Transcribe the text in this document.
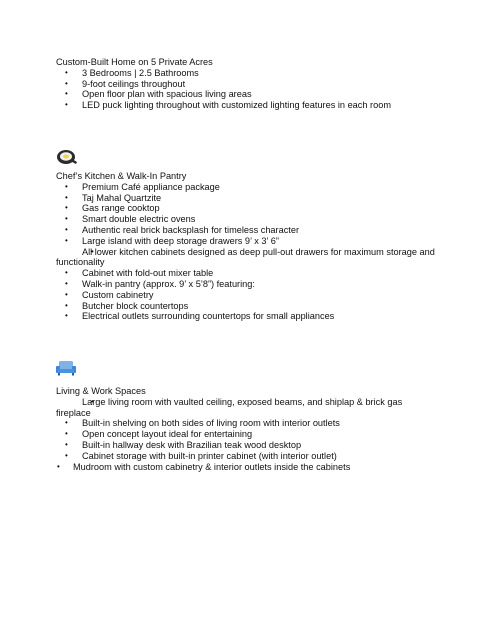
Custom-Built Home on 5 Private Acres
• 3 Bedrooms | 2.5 Bathrooms
• 9-foot ceilings throughout
• Open floor plan with spacious living areas
• LED puck lighting throughout with customized lighting features in each room
Chef’s Kitchen & Walk-In Pantry
• Premium Café appliance package
• Taj Mahal Quartzite
• Gas range cooktop
• Smart double electric ovens
• Authentic real brick backsplash for timeless character
• Large island with deep storage drawers 9’ x 3’ 6”
• All lower kitchen cabinets designed as deep pull-out drawers for maximum storage and functionality
• Cabinet with fold-out mixer table
• Walk-in pantry (approx. 9’ x 5’8”) featuring:
• Custom cabinetry
• Butcher block countertops
• Electrical outlets surrounding countertops for small appliances
Living & Work Spaces
• Large living room with vaulted ceiling, exposed beams, and shiplap & brick gas fireplace
• Built-in shelving on both sides of living room with interior outlets
• Open concept layout ideal for entertaining
• Built-in hallway desk with Brazilian teak wood desktop
• Cabinet storage with built-in printer cabinet (with interior outlet)
• Mudroom with custom cabinetry & interior outlets inside the cabinets
